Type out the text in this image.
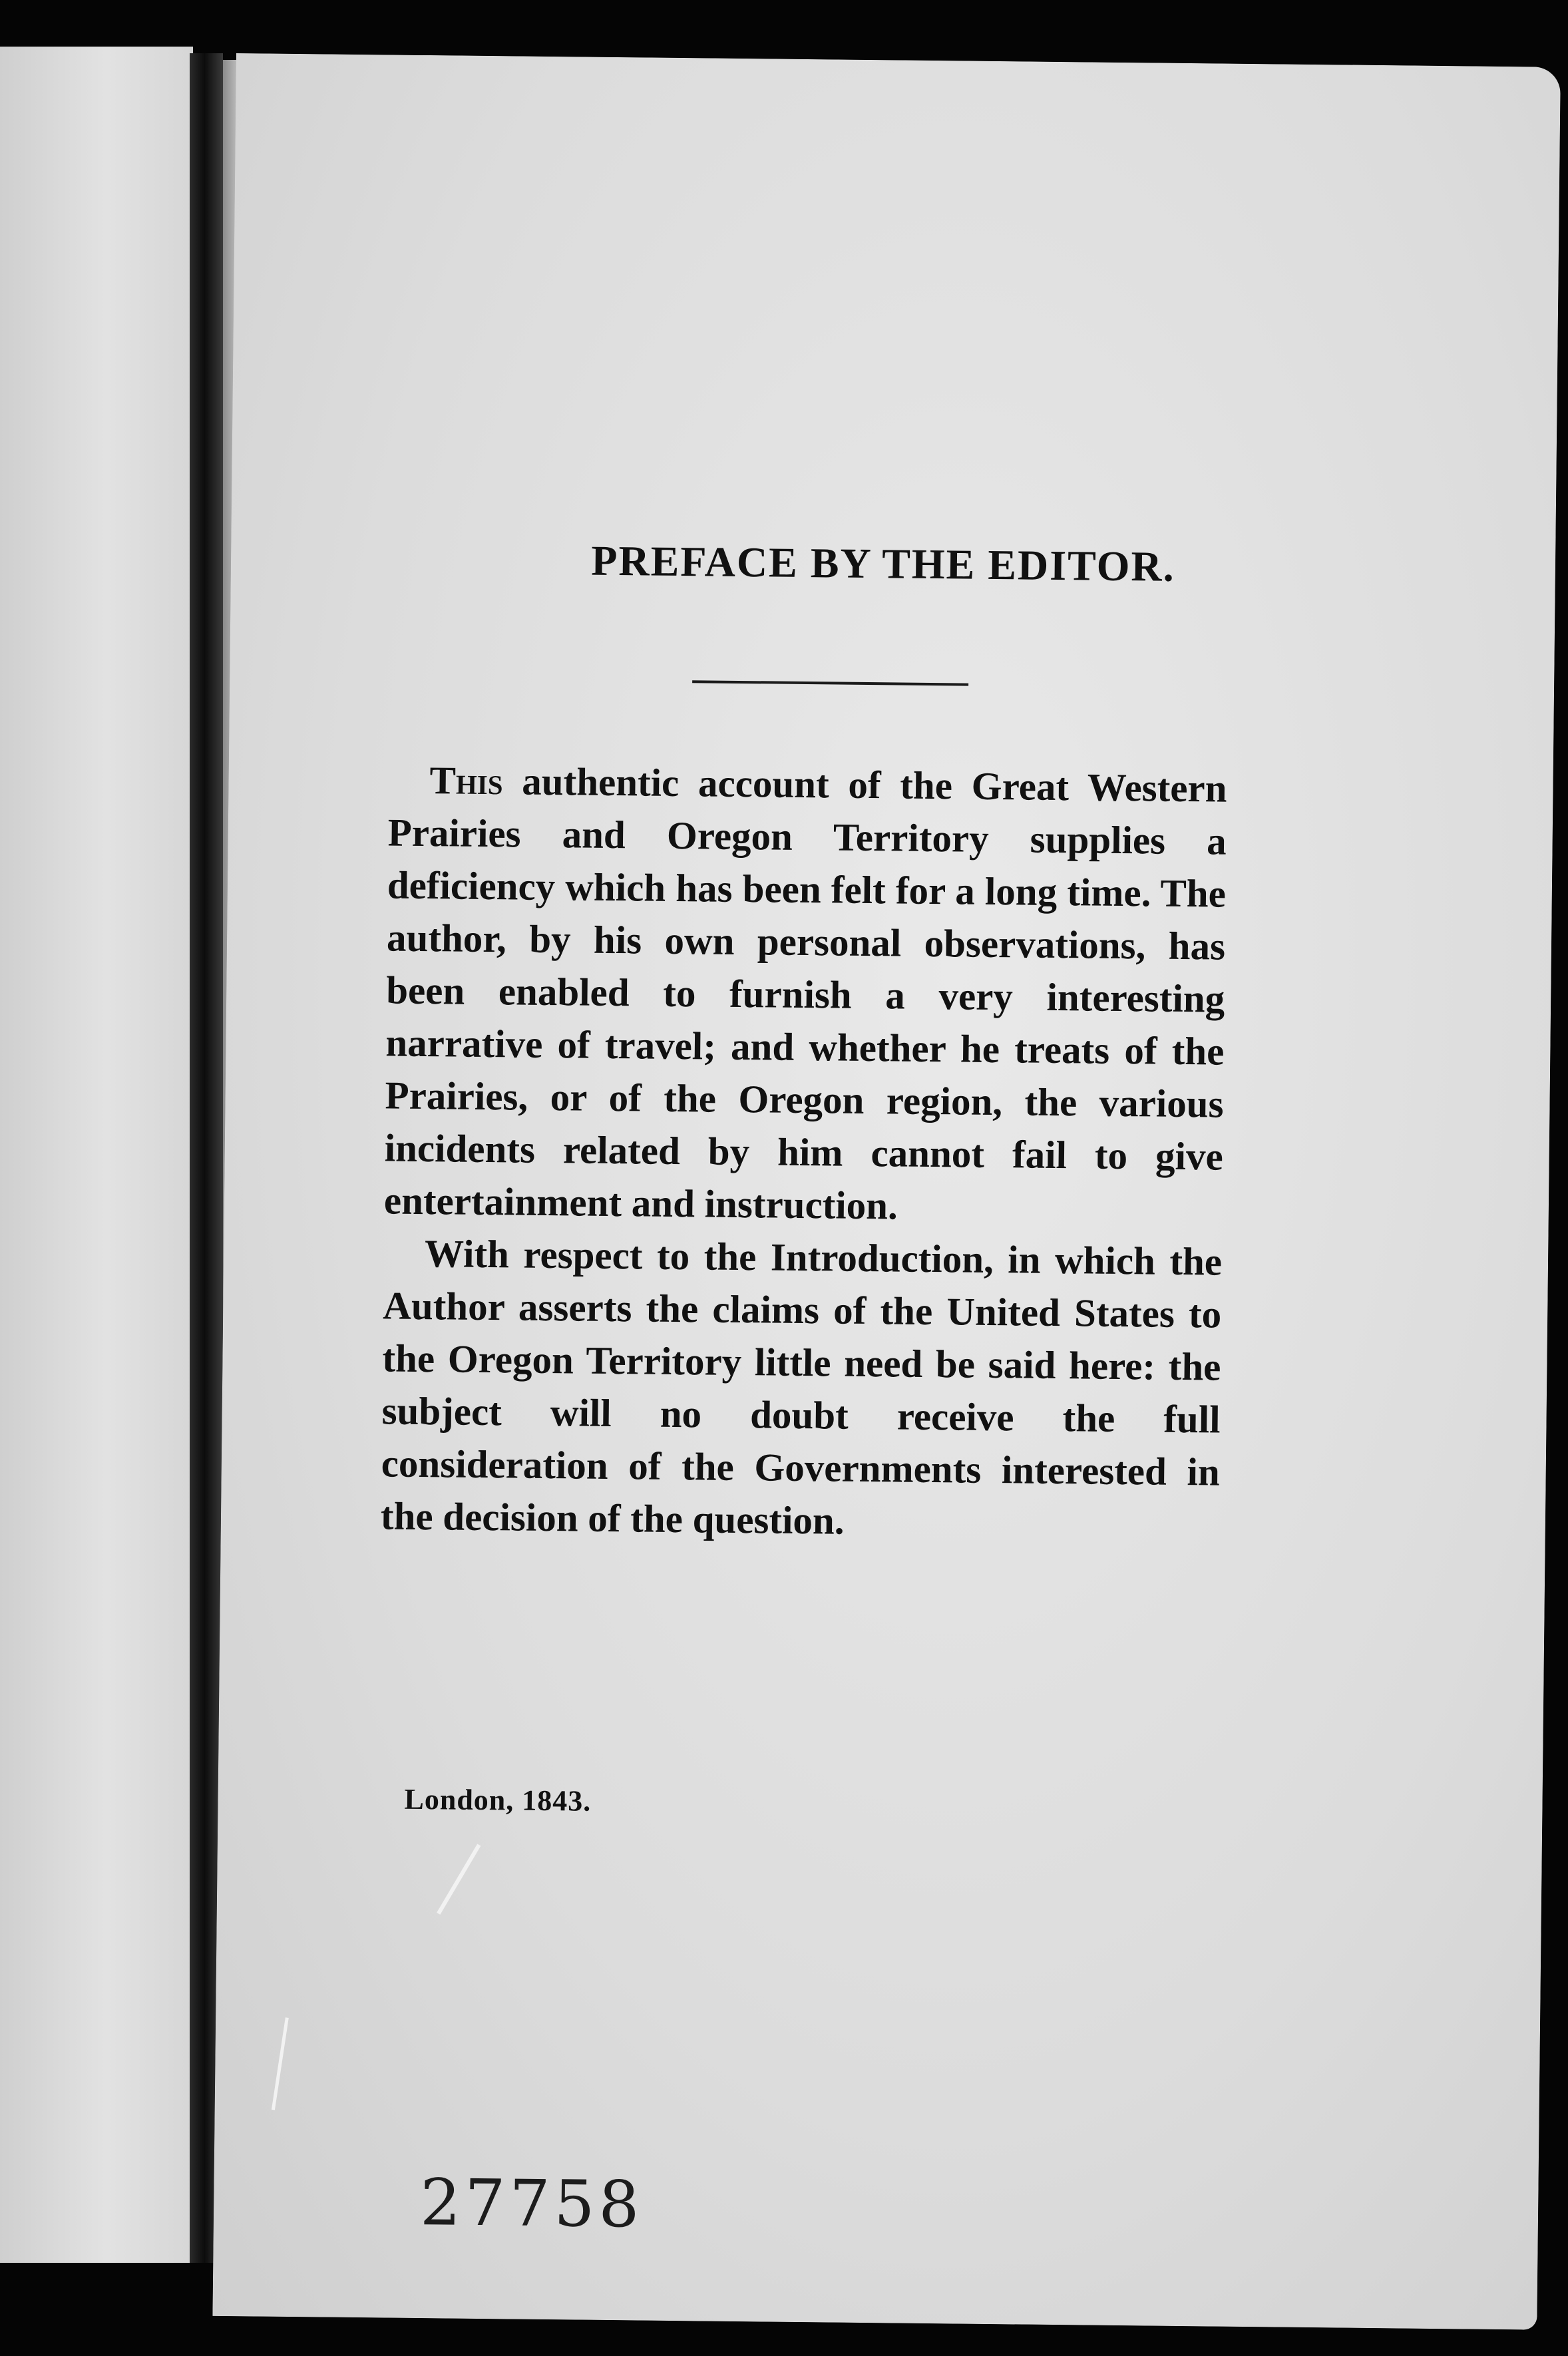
PREFACE BY THE EDITOR.

This authentic account of the Great Western Prairies and Oregon Territory supplies a deficiency which has been felt for a long time. The author, by his own personal observations, has been enabled to furnish a very interesting narrative of travel; and whether he treats of the Prairies, or of the Oregon region, the various incidents related by him cannot fail to give entertainment and instruction.

With respect to the Introduction, in which the Author asserts the claims of the United States to the Oregon Territory little need be said here: the subject will no doubt receive the full consideration of the Governments interested in the decision of the question.

London, 1843.
27758
